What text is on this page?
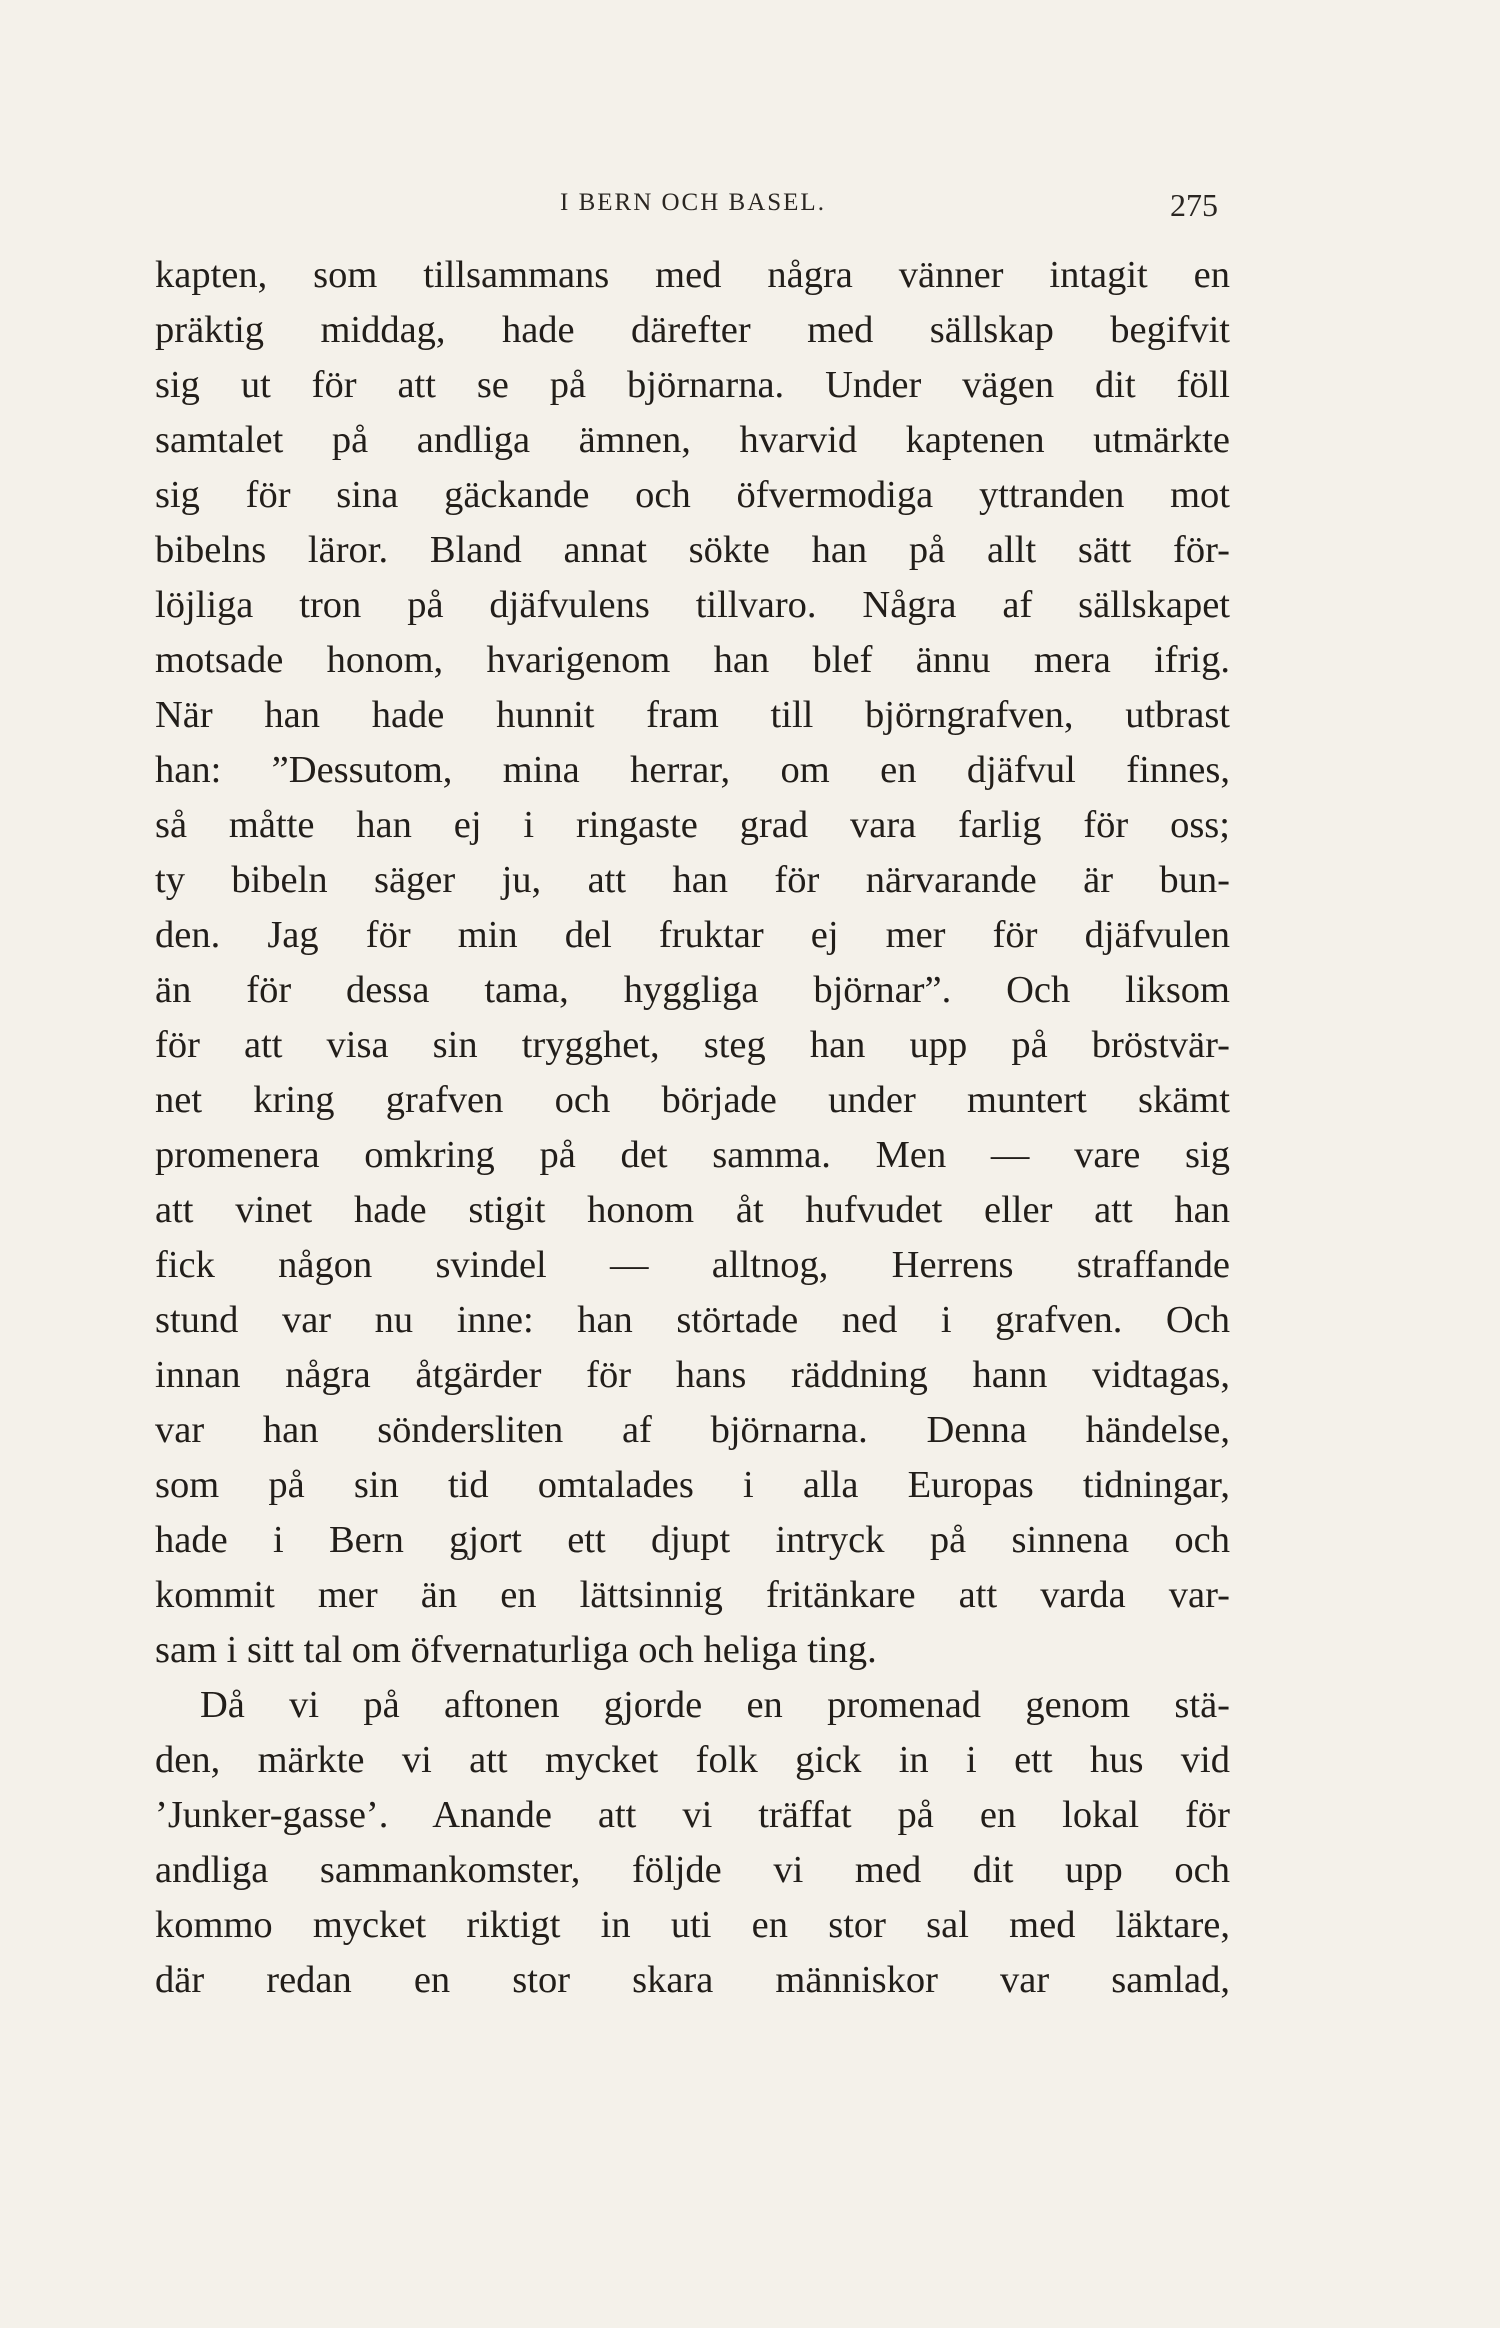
I BERN OCH BASEL.	275
kapten, som tillsammans med några vänner intagit en
präktig middag, hade därefter med sällskap begifvit
sig ut för att se på björnarna. Under vägen dit föll
samtalet på andliga ämnen, hvarvid kaptenen utmärkte
sig för sina gäckande och öfvermodiga yttranden mot
bibelns läror. Bland annat sökte han på allt sätt för-
löjliga tron på djäfvulens tillvaro. Några af sällskapet
motsade honom, hvarigenom han blef ännu mera ifrig.
När han hade hunnit fram till björngrafven, utbrast
han: ”Dessutom, mina herrar, om en djäfvul finnes,
så måtte han ej i ringaste grad vara farlig för oss;
ty bibeln säger ju, att han för närvarande är bun-
den. Jag för min del fruktar ej mer för djäfvulen
än för dessa tama, hyggliga björnar”. Och liksom
för att visa sin trygghet, steg han upp på bröstvär-
net kring grafven och började under muntert skämt
promenera omkring på det samma. Men — vare sig
att vinet hade stigit honom åt hufvudet eller att han
fick någon svindel — alltnog, Herrens straffande
stund var nu inne: han störtade ned i grafven. Och
innan några åtgärder för hans räddning hann vidtagas,
var han söndersliten af björnarna. Denna händelse,
som på sin tid omtalades i alla Europas tidningar,
hade i Bern gjort ett djupt intryck på sinnena och
kommit mer än en lättsinnig fritänkare att varda var-
sam i sitt tal om öfvernaturliga och heliga ting.
Då vi på aftonen gjorde en promenad genom stä-
den, märkte vi att mycket folk gick in i ett hus vid
’Junker-gasse’. Anande att vi träffat på en lokal för
andliga sammankomster, följde vi med dit upp och
kommo mycket riktigt in uti en stor sal med läktare,
där redan en stor skara människor var samlad,
